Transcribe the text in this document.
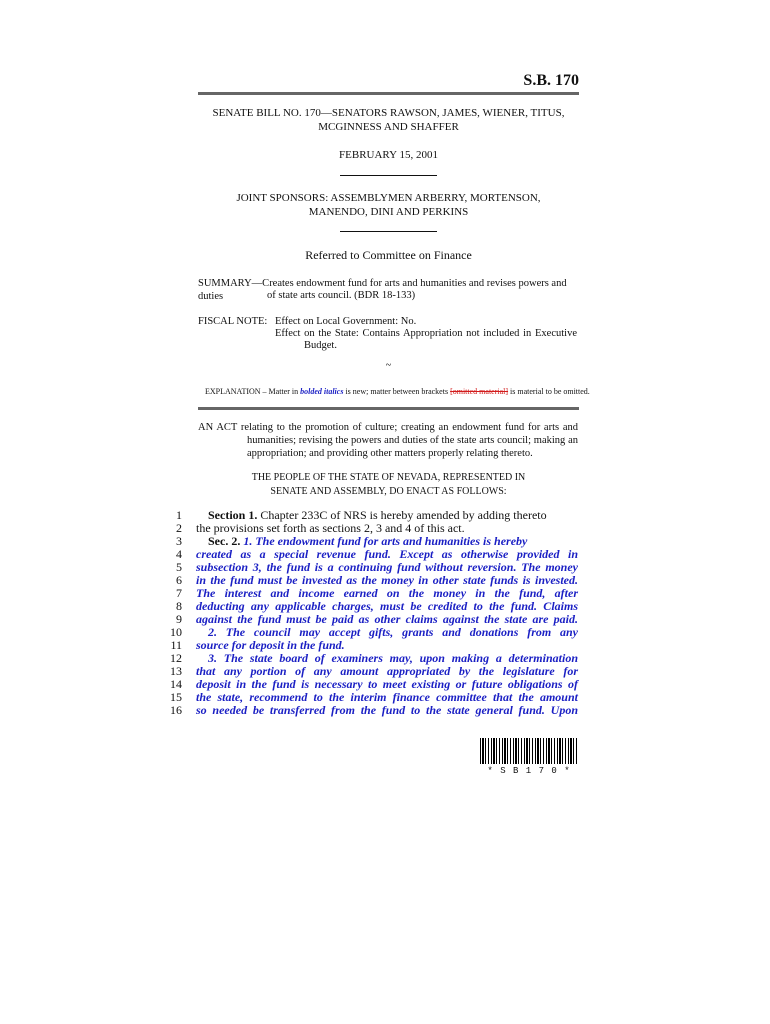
S.B. 170
SENATE BILL NO. 170—SENATORS RAWSON, JAMES, WIENER, TITUS,
MCGINNESS AND SHAFFER
FEBRUARY 15, 2001
JOINT SPONSORS: ASSEMBLYMEN ARBERRY, MORTENSON,
MANENDO, DINI AND PERKINS
Referred to Committee on Finance
SUMMARY—Creates endowment fund for arts and humanities and revises powers and duties	of state arts council. (BDR 18-133)
FISCAL NOTE: Effect on Local Government: No.
Effect on the State: Contains Appropriation not included in Executive
Budget.
~
EXPLANATION – Matter in bolded italics is new; matter between brackets [omitted material] is material to be omitted.
AN ACT relating to the promotion of culture; creating an endowment fund for arts and
humanities; revising the powers and duties of the state arts council; making an
appropriation; and providing other matters properly relating thereto.
THE PEOPLE OF THE STATE OF NEVADA, REPRESENTED IN
SENATE AND ASSEMBLY, DO ENACT AS FOLLOWS:
1
2
3
4
5
6
7
8
9
10
11
12
13
14
15
16
Section 1. Chapter 233C of NRS is hereby amended by adding thereto
the provisions set forth as sections 2, 3 and 4 of this act.
Sec. 2. 1. The endowment fund for arts and humanities is hereby
created as a special revenue fund. Except as otherwise provided in
subsection 3, the fund is a continuing fund without reversion. The money
in the fund must be invested as the money in other state funds is invested.
The interest and income earned on the money in the fund, after
deducting any applicable charges, must be credited to the fund. Claims
against the fund must be paid as other claims against the state are paid.
2. The council may accept gifts, grants and donations from any
source for deposit in the fund.
3. The state board of examiners may, upon making a determination
that any portion of any amount appropriated by the legislature for
deposit in the fund is necessary to meet existing or future obligations of
the state, recommend to the interim finance committee that the amount
so needed be transferred from the fund to the state general fund. Upon
* S B 1 7 0 *
